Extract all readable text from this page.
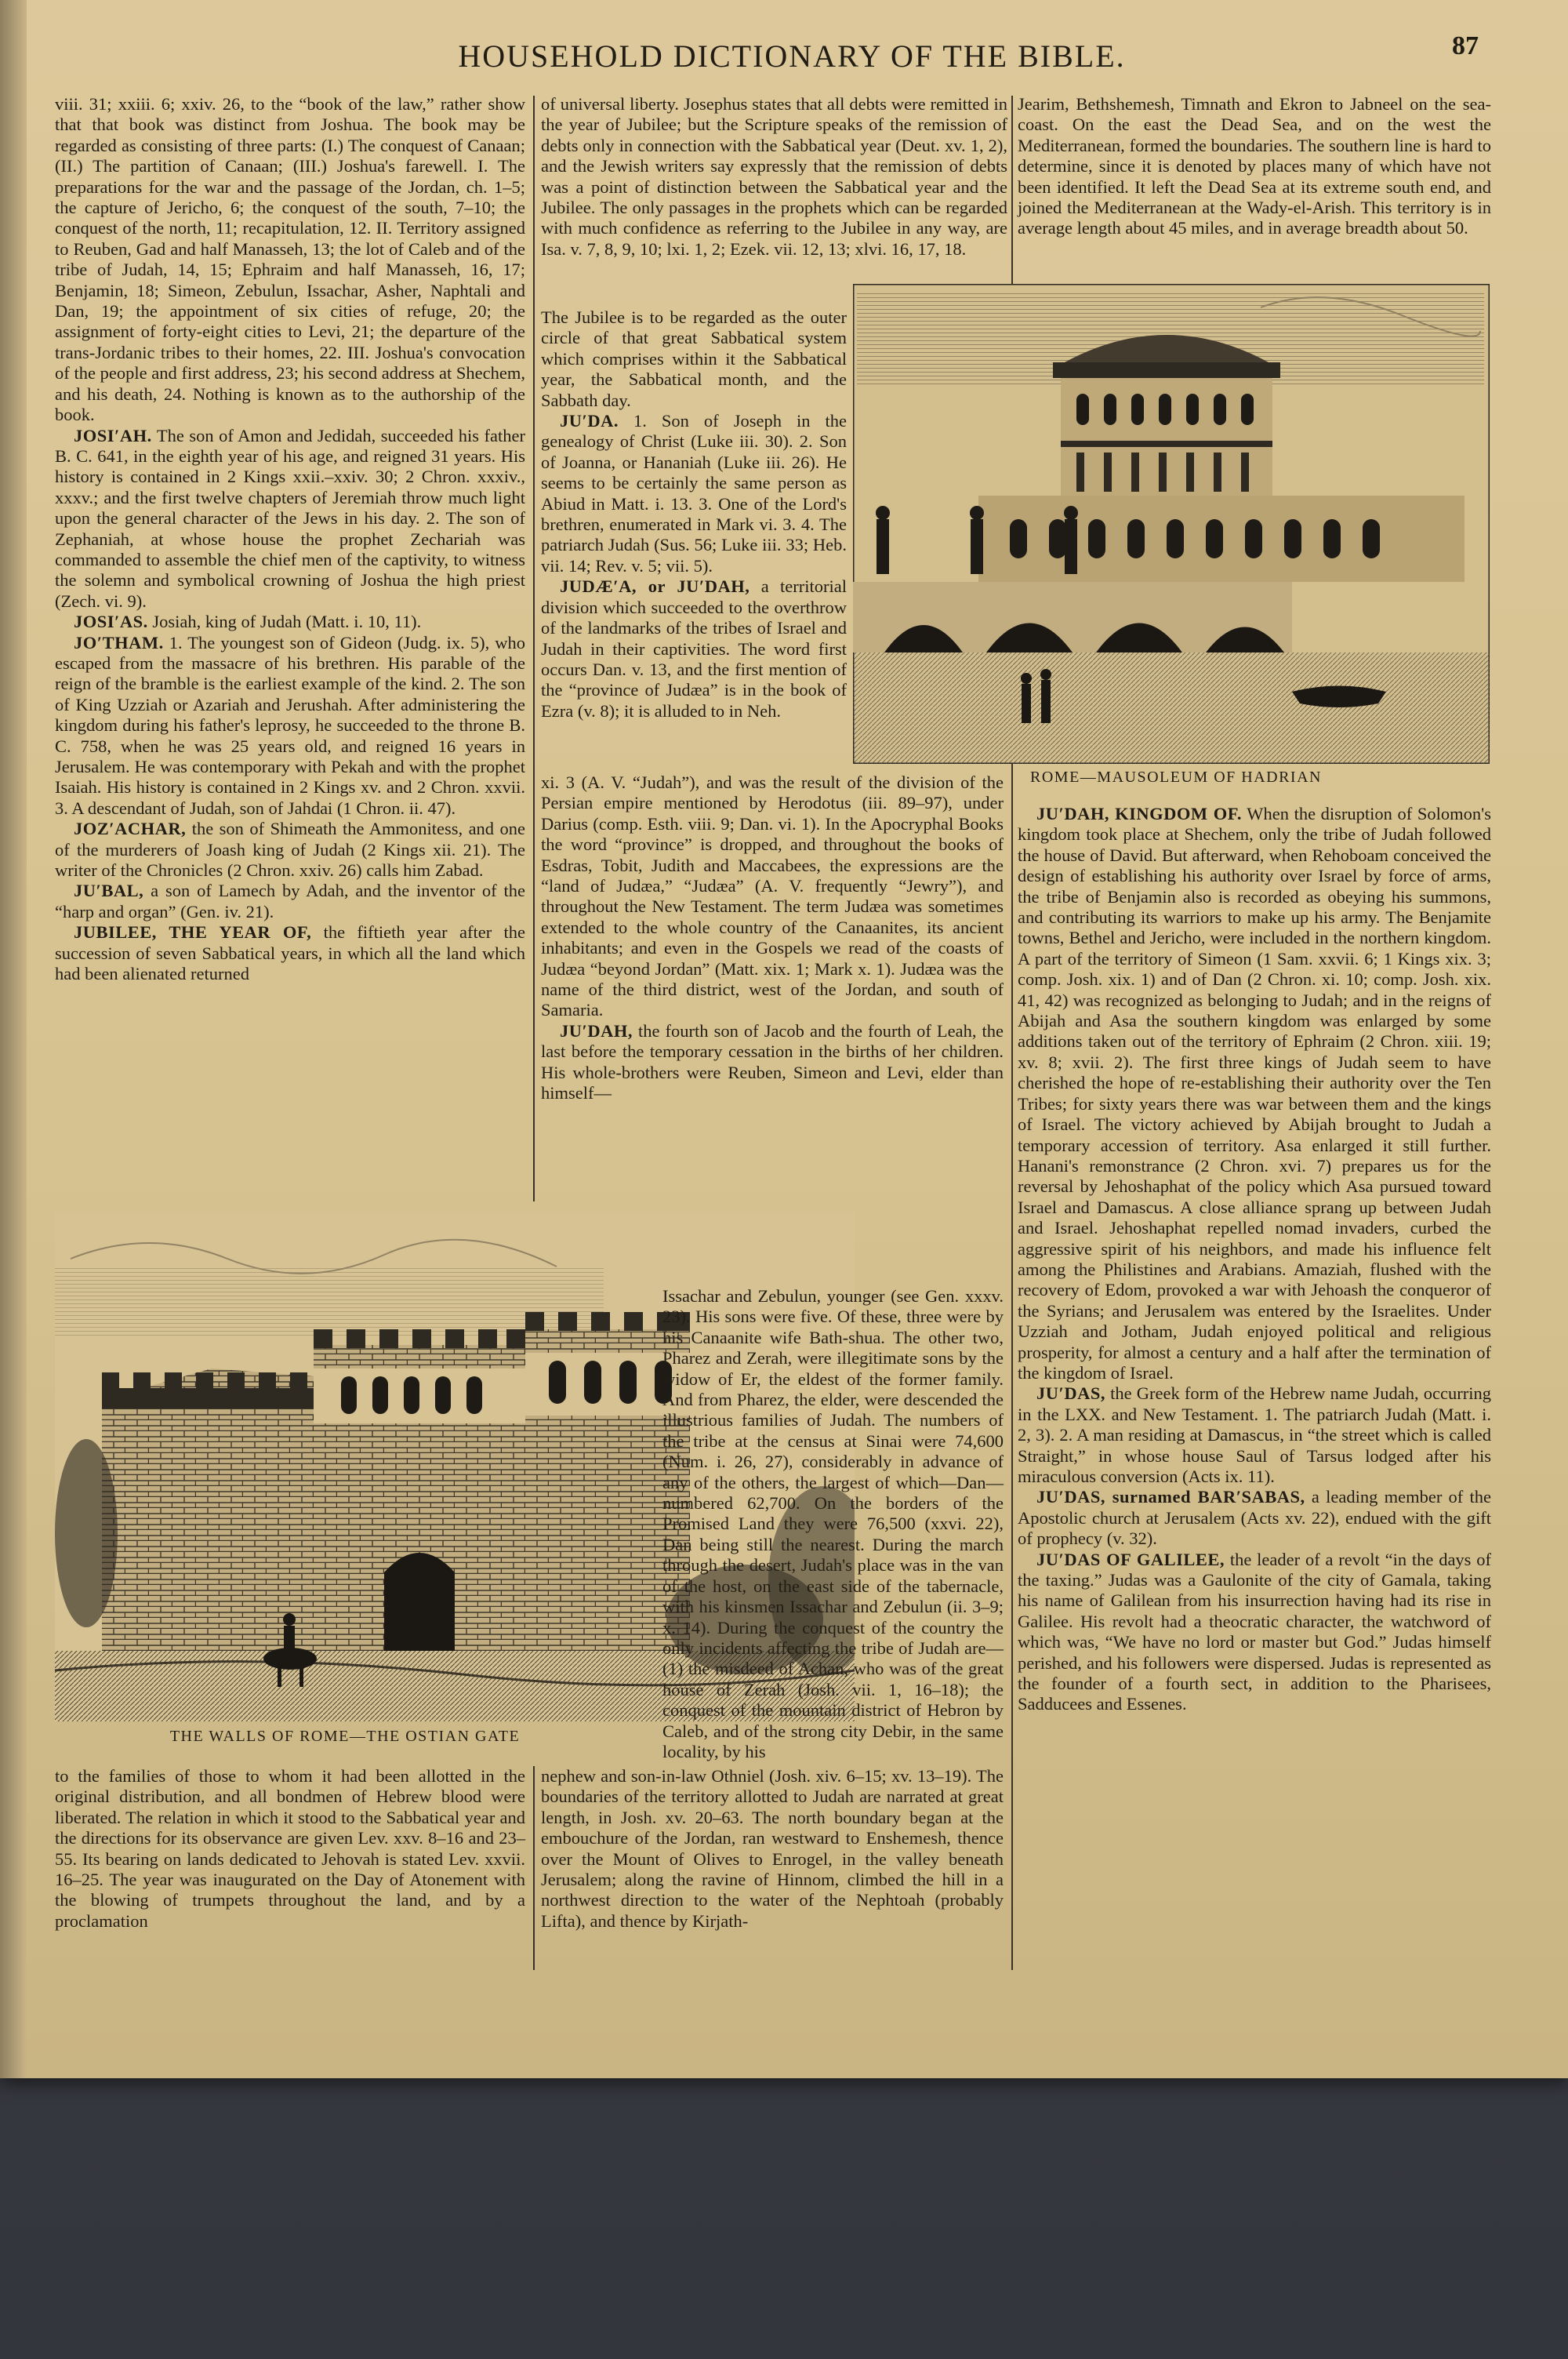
HOUSEHOLD DICTIONARY OF THE BIBLE.	87

viii. 31; xxiii. 6; xxiv. 26, to the “book of the law,” rather show that that book was distinct from Joshua. The book may be regarded as consisting of three parts: (I.) The conquest of Canaan; (II.) The partition of Canaan; (III.) Joshua's farewell. I. The preparations for the war and the passage of the Jordan, ch. 1–5; the capture of Jericho, 6; the conquest of the south, 7–10; the conquest of the north, 11; recapitulation, 12. II. Territory assigned to Reuben, Gad and half Manasseh, 13; the lot of Caleb and of the tribe of Judah, 14, 15; Ephraim and half Manasseh, 16, 17; Benjamin, 18; Simeon, Zebulun, Issachar, Asher, Naphtali and Dan, 19; the appointment of six cities of refuge, 20; the assignment of forty-eight cities to Levi, 21; the departure of the trans-Jordanic tribes to their homes, 22. III. Joshua's convocation of the people and first address, 23; his second address at Shechem, and his death, 24. Nothing is known as to the authorship of the book.

JOSI′AH. The son of Amon and Jedidah, succeeded his father B. C. 641, in the eighth year of his age, and reigned 31 years. His history is contained in 2 Kings xxii.–xxiv. 30; 2 Chron. xxxiv., xxxv.; and the first twelve chapters of Jeremiah throw much light upon the general character of the Jews in his day. 2. The son of Zephaniah, at whose house the prophet Zechariah was commanded to assemble the chief men of the captivity, to witness the solemn and symbolical crowning of Joshua the high priest (Zech. vi. 9).

JOSI′AS. Josiah, king of Judah (Matt. i. 10, 11).

JO′THAM. 1. The youngest son of Gideon (Judg. ix. 5), who escaped from the massacre of his brethren. His parable of the reign of the bramble is the earliest example of the kind. 2. The son of King Uzziah or Azariah and Jerushah. After administering the kingdom during his father's leprosy, he succeeded to the throne B. C. 758, when he was 25 years old, and reigned 16 years in Jerusalem. He was contemporary with Pekah and with the prophet Isaiah. His history is contained in 2 Kings xv. and 2 Chron. xxvii. 3. A descendant of Judah, son of Jahdai (1 Chron. ii. 47).

JOZ′ACHAR, the son of Shimeath the Ammonitess, and one of the murderers of Joash king of Judah (2 Kings xii. 21). The writer of the Chronicles (2 Chron. xxiv. 26) calls him Zabad.

JU′BAL, a son of Lamech by Adah, and the inventor of the “harp and organ” (Gen. iv. 21).

JUBILEE, THE YEAR OF, the fiftieth year after the succession of seven Sabbatical years, in which all the land which had been alienated returned

THE WALLS OF ROME—THE OSTIAN GATE

to the families of those to whom it had been allotted in the original distribution, and all bondmen of Hebrew blood were liberated. The relation in which it stood to the Sabbatical year and the directions for its observance are given Lev. xxv. 8–16 and 23–55. Its bearing on lands dedicated to Jehovah is stated Lev. xxvii. 16–25. The year was inaugurated on the Day of Atonement with the blowing of trumpets throughout the land, and by a proclamation

of universal liberty. Josephus states that all debts were remitted in the year of Jubilee; but the Scripture speaks of the remission of debts only in connection with the Sabbatical year (Deut. xv. 1, 2), and the Jewish writers say expressly that the remission of debts was a point of distinction between the Sabbatical year and the Jubilee. The only passages in the prophets which can be regarded with much confidence as referring to the Jubilee in any way, are Isa. v. 7, 8, 9, 10; lxi. 1, 2; Ezek. vii. 12, 13; xlvi. 16, 17, 18.

The Jubilee is to be regarded as the outer circle of that great Sabbatical system which comprises within it the Sabbatical year, the Sabbatical month, and the Sabbath day.

JU′DA. 1. Son of Joseph in the genealogy of Christ (Luke iii. 30). 2. Son of Joanna, or Hananiah (Luke iii. 26). He seems to be certainly the same person as Abiud in Matt. i. 13. 3. One of the Lord's brethren, enumerated in Mark vi. 3. 4. The patriarch Judah (Sus. 56; Luke iii. 33; Heb. vii. 14; Rev. v. 5; vii. 5).

JUDÆ′A, or JU′DAH, a territorial division which succeeded to the overthrow of the landmarks of the tribes of Israel and Judah in their captivities. The word first occurs Dan. v. 13, and the first mention of the “province of Judæa” is in the book of Ezra (v. 8); it is alluded to in Neh.

xi. 3 (A. V. “Judah”), and was the result of the division of the Persian empire mentioned by Herodotus (iii. 89–97), under Darius (comp. Esth. viii. 9; Dan. vi. 1). In the Apocryphal Books the word “province” is dropped, and throughout the books of Esdras, Tobit, Judith and Maccabees, the expressions are the “land of Judæa,” “Judæa” (A. V. frequently “Jewry”), and throughout the New Testament. The term Judæa was sometimes extended to the whole country of the Canaanites, its ancient inhabitants; and even in the Gospels we read of the coasts of Judæa “beyond Jordan” (Matt. xix. 1; Mark x. 1). Judæa was the name of the third district, west of the Jordan, and south of Samaria.

JU′DAH, the fourth son of Jacob and the fourth of Leah, the last before the temporary cessation in the births of her children. His whole-brothers were Reuben, Simeon and Levi, elder than himself—

Issachar and Zebulun, younger (see Gen. xxxv. 23). His sons were five. Of these, three were by his Canaanite wife Bath-shua. The other two, Pharez and Zerah, were illegitimate sons by the widow of Er, the eldest of the former family. And from Pharez, the elder, were descended the illustrious families of Judah. The numbers of the tribe at the census at Sinai were 74,600 (Num. i. 26, 27), considerably in advance of any of the others, the largest of which—Dan—numbered 62,700. On the borders of the Promised Land they were 76,500 (xxvi. 22), Dan being still the nearest. During the march through the desert, Judah's place was in the van of the host, on the east side of the tabernacle, with his kinsmen Issachar and Zebulun (ii. 3–9; x. 14). During the conquest of the country the only incidents affecting the tribe of Judah are—(1) the misdeed of Achan, who was of the great house of Zerah (Josh. vii. 1, 16–18); the conquest of the mountain district of Hebron by Caleb, and of the strong city Debir, in the same locality, by his

nephew and son-in-law Othniel (Josh. xiv. 6–15; xv. 13–19). The boundaries of the territory allotted to Judah are narrated at great length, in Josh. xv. 20–63. The north boundary began at the embouchure of the Jordan, ran westward to Enshemesh, thence over the Mount of Olives to Enrogel, in the valley beneath Jerusalem; along the ravine of Hinnom, climbed the hill in a northwest direction to the water of the Nephtoah (probably Lifta), and thence by Kirjath-

ROME—MAUSOLEUM OF HADRIAN

Jearim, Bethshemesh, Timnath and Ekron to Jabneel on the sea-coast. On the east the Dead Sea, and on the west the Mediterranean, formed the boundaries. The southern line is hard to determine, since it is denoted by places many of which have not been identified. It left the Dead Sea at its extreme south end, and joined the Mediterranean at the Wady-el-Arish. This territory is in average length about 45 miles, and in average breadth about 50.

JU′DAH, KINGDOM OF. When the disruption of Solomon's kingdom took place at Shechem, only the tribe of Judah followed the house of David. But afterward, when Rehoboam conceived the design of establishing his authority over Israel by force of arms, the tribe of Benjamin also is recorded as obeying his summons, and contributing its warriors to make up his army. The Benjamite towns, Bethel and Jericho, were included in the northern kingdom. A part of the territory of Simeon (1 Sam. xxvii. 6; 1 Kings xix. 3; comp. Josh. xix. 1) and of Dan (2 Chron. xi. 10; comp. Josh. xix. 41, 42) was recognized as belonging to Judah; and in the reigns of Abijah and Asa the southern kingdom was enlarged by some additions taken out of the territory of Ephraim (2 Chron. xiii. 19; xv. 8; xvii. 2). The first three kings of Judah seem to have cherished the hope of re-establishing their authority over the Ten Tribes; for sixty years there was war between them and the kings of Israel. The victory achieved by Abijah brought to Judah a temporary accession of territory. Asa enlarged it still further. Hanani's remonstrance (2 Chron. xvi. 7) prepares us for the reversal by Jehoshaphat of the policy which Asa pursued toward Israel and Damascus. A close alliance sprang up between Judah and Israel. Jehoshaphat repelled nomad invaders, curbed the aggressive spirit of his neighbors, and made his influence felt among the Philistines and Arabians. Amaziah, flushed with the recovery of Edom, provoked a war with Jehoash the conqueror of the Syrians; and Jerusalem was entered by the Israelites. Under Uzziah and Jotham, Judah enjoyed political and religious prosperity, for almost a century and a half after the termination of the kingdom of Israel.

JU′DAS, the Greek form of the Hebrew name Judah, occurring in the LXX. and New Testament. 1. The patriarch Judah (Matt. i. 2, 3). 2. A man residing at Damascus, in “the street which is called Straight,” in whose house Saul of Tarsus lodged after his miraculous conversion (Acts ix. 11).

JU′DAS, surnamed BAR′SABAS, a leading member of the Apostolic church at Jerusalem (Acts xv. 22), endued with the gift of prophecy (v. 32).

JU′DAS OF GALILEE, the leader of a revolt “in the days of the taxing.” Judas was a Gaulonite of the city of Gamala, taking his name of Galilean from his insurrection having had its rise in Galilee. His revolt had a theocratic character, the watchword of which was, “We have no lord or master but God.” Judas himself perished, and his followers were dispersed. Judas is represented as the founder of a fourth sect, in addition to the Pharisees, Sadducees and Essenes.
